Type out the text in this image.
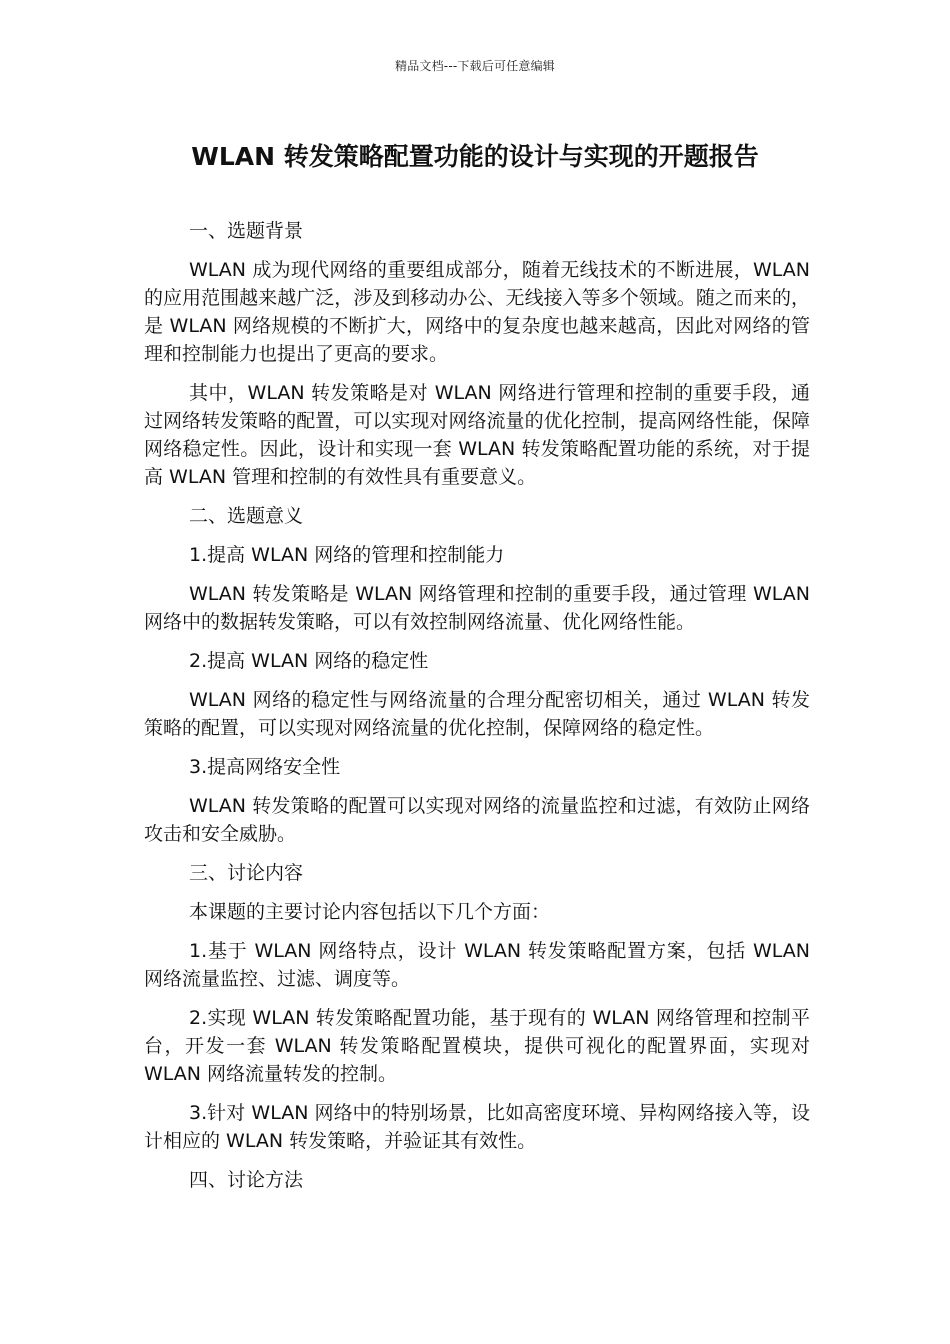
精品文档---下载后可任意编辑
WLAN 转发策略配置功能的设计与实现的开题报告

一、选题背景

WLAN 成为现代网络的重要组成部分，随着无线技术的不断进展，WLAN 的应用范围越来越广泛，涉及到移动办公、无线接入等多个领域。随之而来的，是 WLAN 网络规模的不断扩大，网络中的复杂度也越来越高，因此对网络的管理和控制能力也提出了更高的要求。

其中，WLAN 转发策略是对 WLAN 网络进行管理和控制的重要手段，通过网络转发策略的配置，可以实现对网络流量的优化控制，提高网络性能，保障网络稳定性。因此，设计和实现一套 WLAN 转发策略配置功能的系统，对于提高 WLAN 管理和控制的有效性具有重要意义。

二、选题意义

1.提高 WLAN 网络的管理和控制能力

WLAN 转发策略是 WLAN 网络管理和控制的重要手段，通过管理 WLAN 网络中的数据转发策略，可以有效控制网络流量、优化网络性能。

2.提高 WLAN 网络的稳定性

WLAN 网络的稳定性与网络流量的合理分配密切相关，通过 WLAN 转发策略的配置，可以实现对网络流量的优化控制，保障网络的稳定性。

3.提高网络安全性

WLAN 转发策略的配置可以实现对网络的流量监控和过滤，有效防止网络攻击和安全威胁。

三、讨论内容

本课题的主要讨论内容包括以下几个方面：

1.基于 WLAN 网络特点，设计 WLAN 转发策略配置方案，包括 WLAN 网络流量监控、过滤、调度等。

2.实现 WLAN 转发策略配置功能，基于现有的 WLAN 网络管理和控制平台，开发一套 WLAN 转发策略配置模块，提供可视化的配置界面，实现对 WLAN 网络流量转发的控制。

3.针对 WLAN 网络中的特别场景，比如高密度环境、异构网络接入等，设计相应的 WLAN 转发策略，并验证其有效性。

四、讨论方法
